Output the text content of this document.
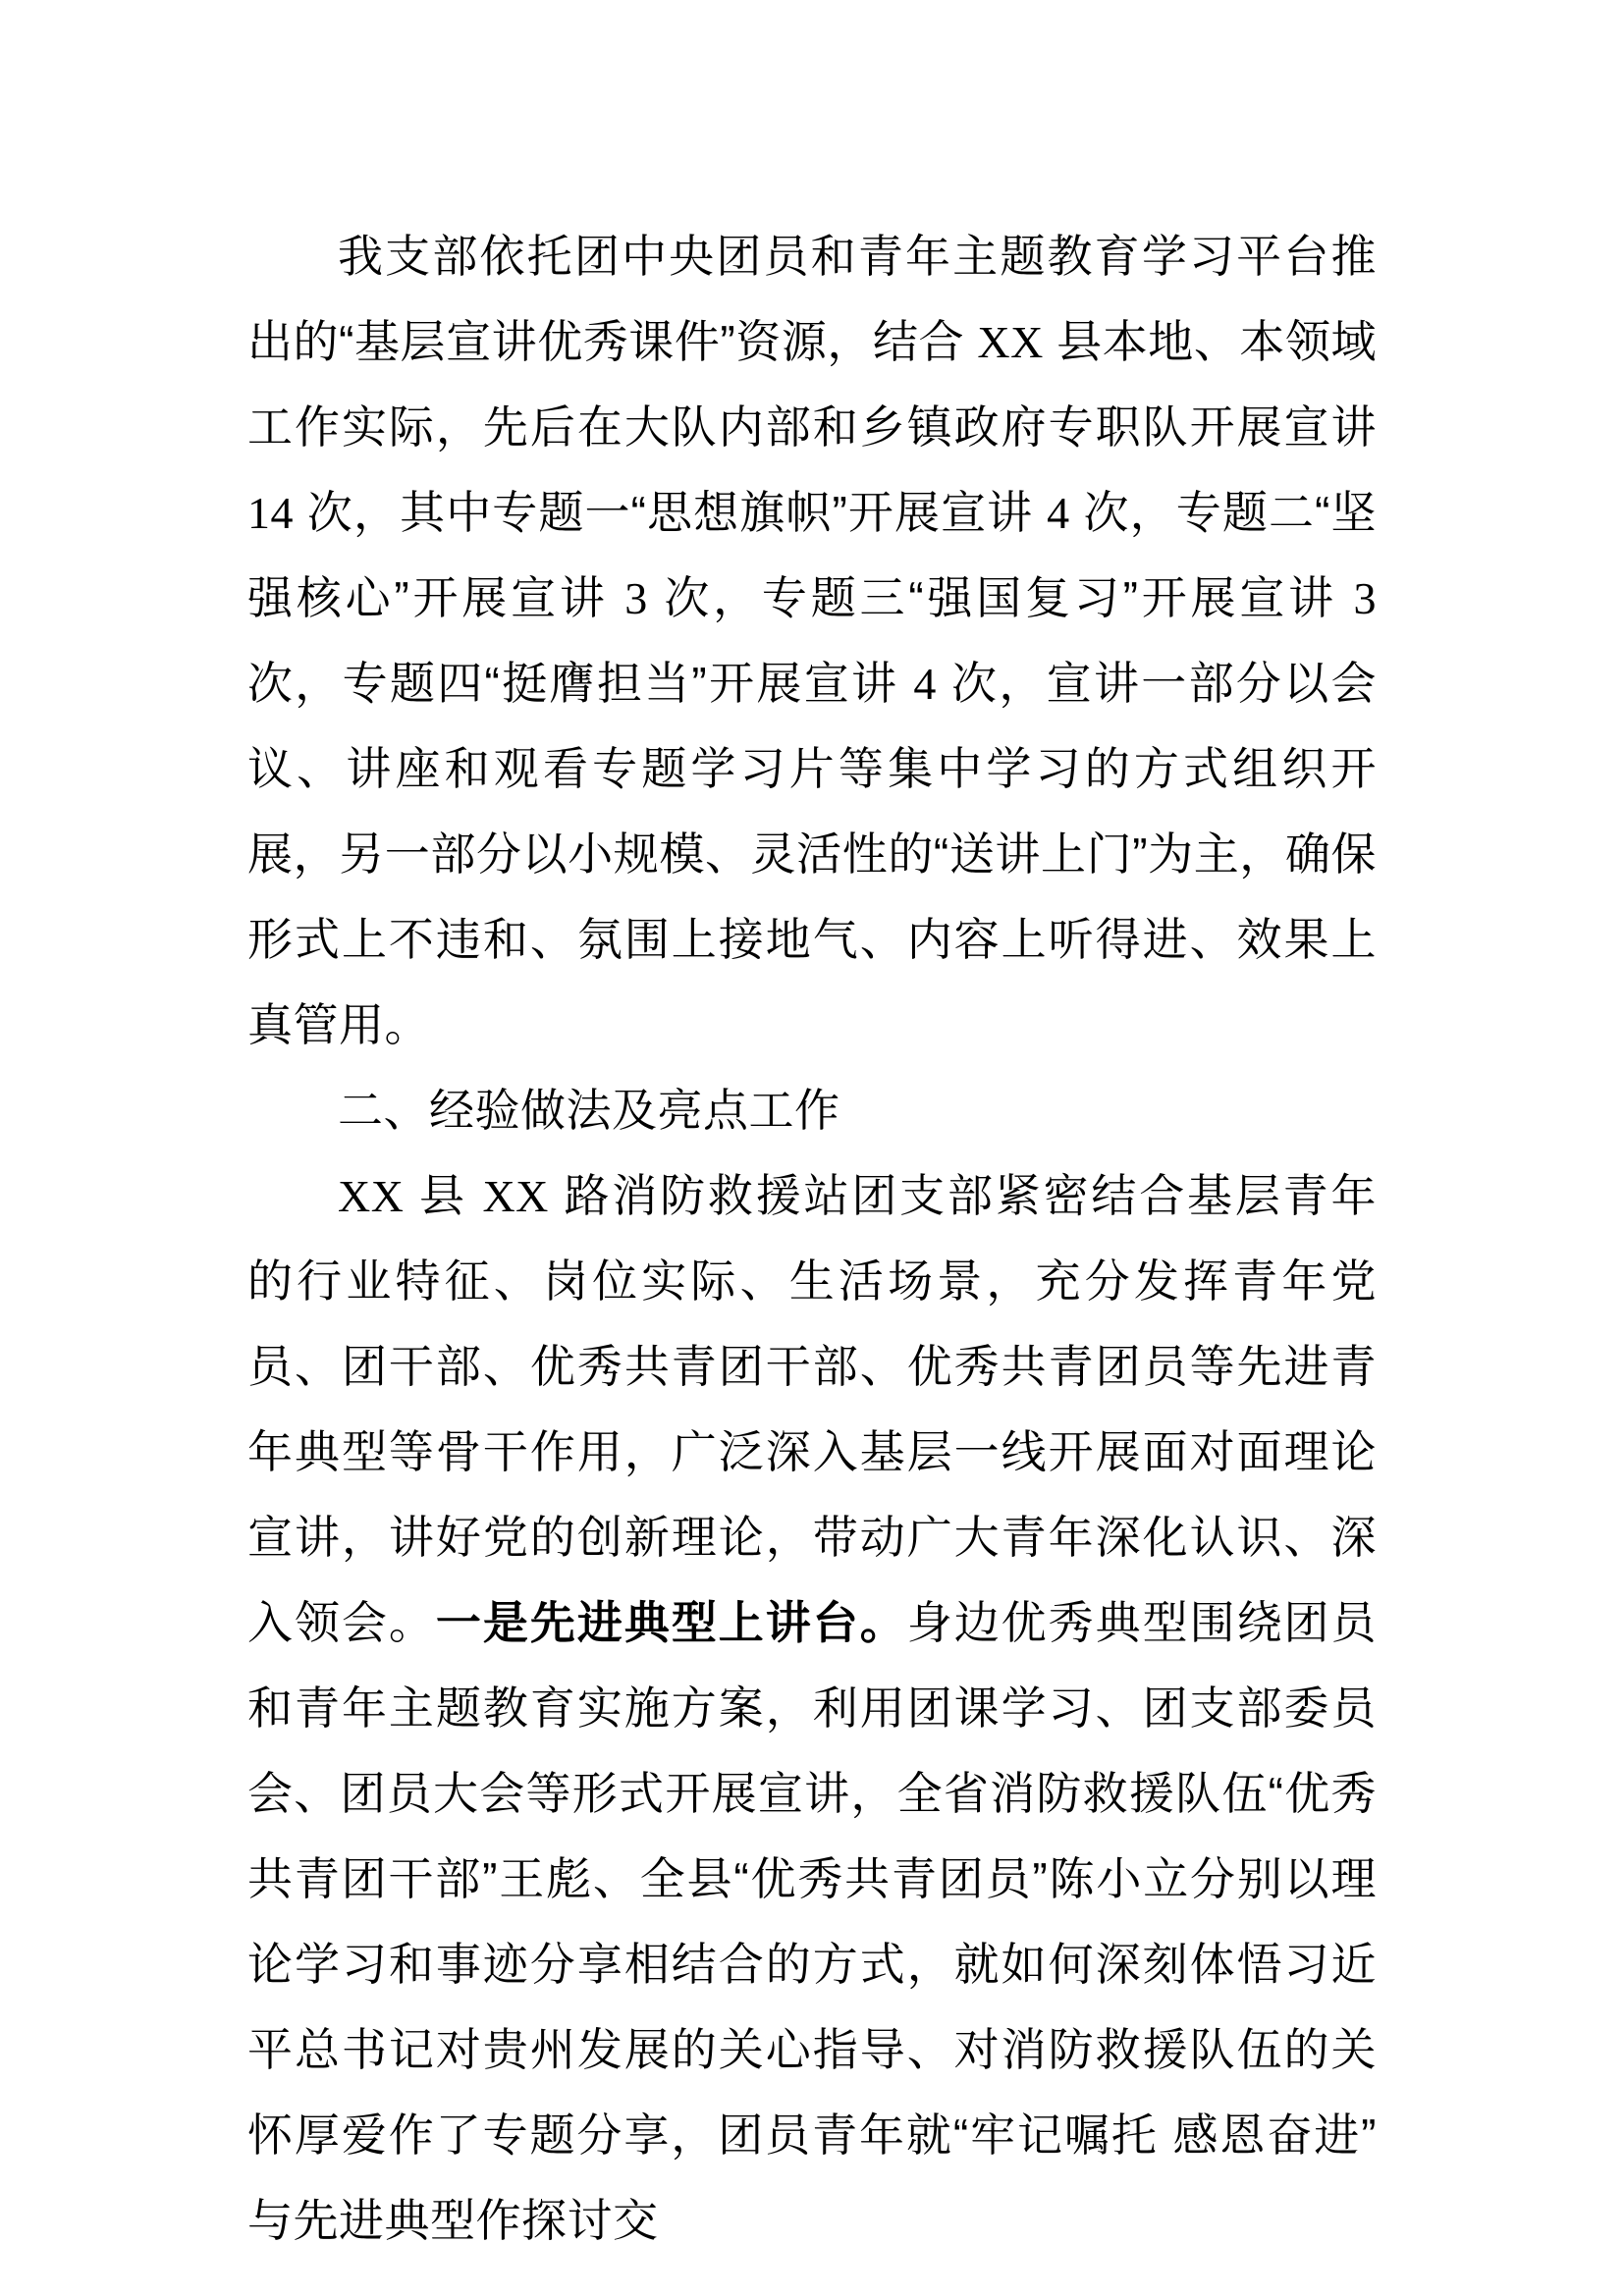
我支部依托团中央团员和青年主题教育学习平台推出的“基层宣讲优秀课件”资源，结合 XX 县本地、本领域工作实际，先后在大队内部和乡镇政府专职队开展宣讲 14 次，其中专题一“思想旗帜”开展宣讲 4 次，专题二“坚强核心”开展宣讲 3 次，专题三“强国复习”开展宣讲 3 次，专题四“挺膺担当”开展宣讲 4 次，宣讲一部分以会议、讲座和观看专题学习片等集中学习的方式组织开展，另一部分以小规模、灵活性的“送讲上门”为主，确保形式上不违和、氛围上接地气、内容上听得进、效果上真管用。

二、经验做法及亮点工作

XX 县 XX 路消防救援站团支部紧密结合基层青年的行业特征、岗位实际、生活场景，充分发挥青年党员、团干部、优秀共青团干部、优秀共青团员等先进青年典型等骨干作用，广泛深入基层一线开展面对面理论宣讲，讲好党的创新理论，带动广大青年深化认识、深入领会。一是先进典型上讲台。身边优秀典型围绕团员和青年主题教育实施方案，利用团课学习、团支部委员会、团员大会等形式开展宣讲，全省消防救援队伍“优秀共青团干部”王彪、全县“优秀共青团员”陈小立分别以理论学习和事迹分享相结合的方式，就如何深刻体悟习近平总书记对贵州发展的关心指导、对消防救援队伍的关怀厚爱作了专题分享，团员青年就“牢记嘱托 感恩奋进”与先进典型作探讨交
